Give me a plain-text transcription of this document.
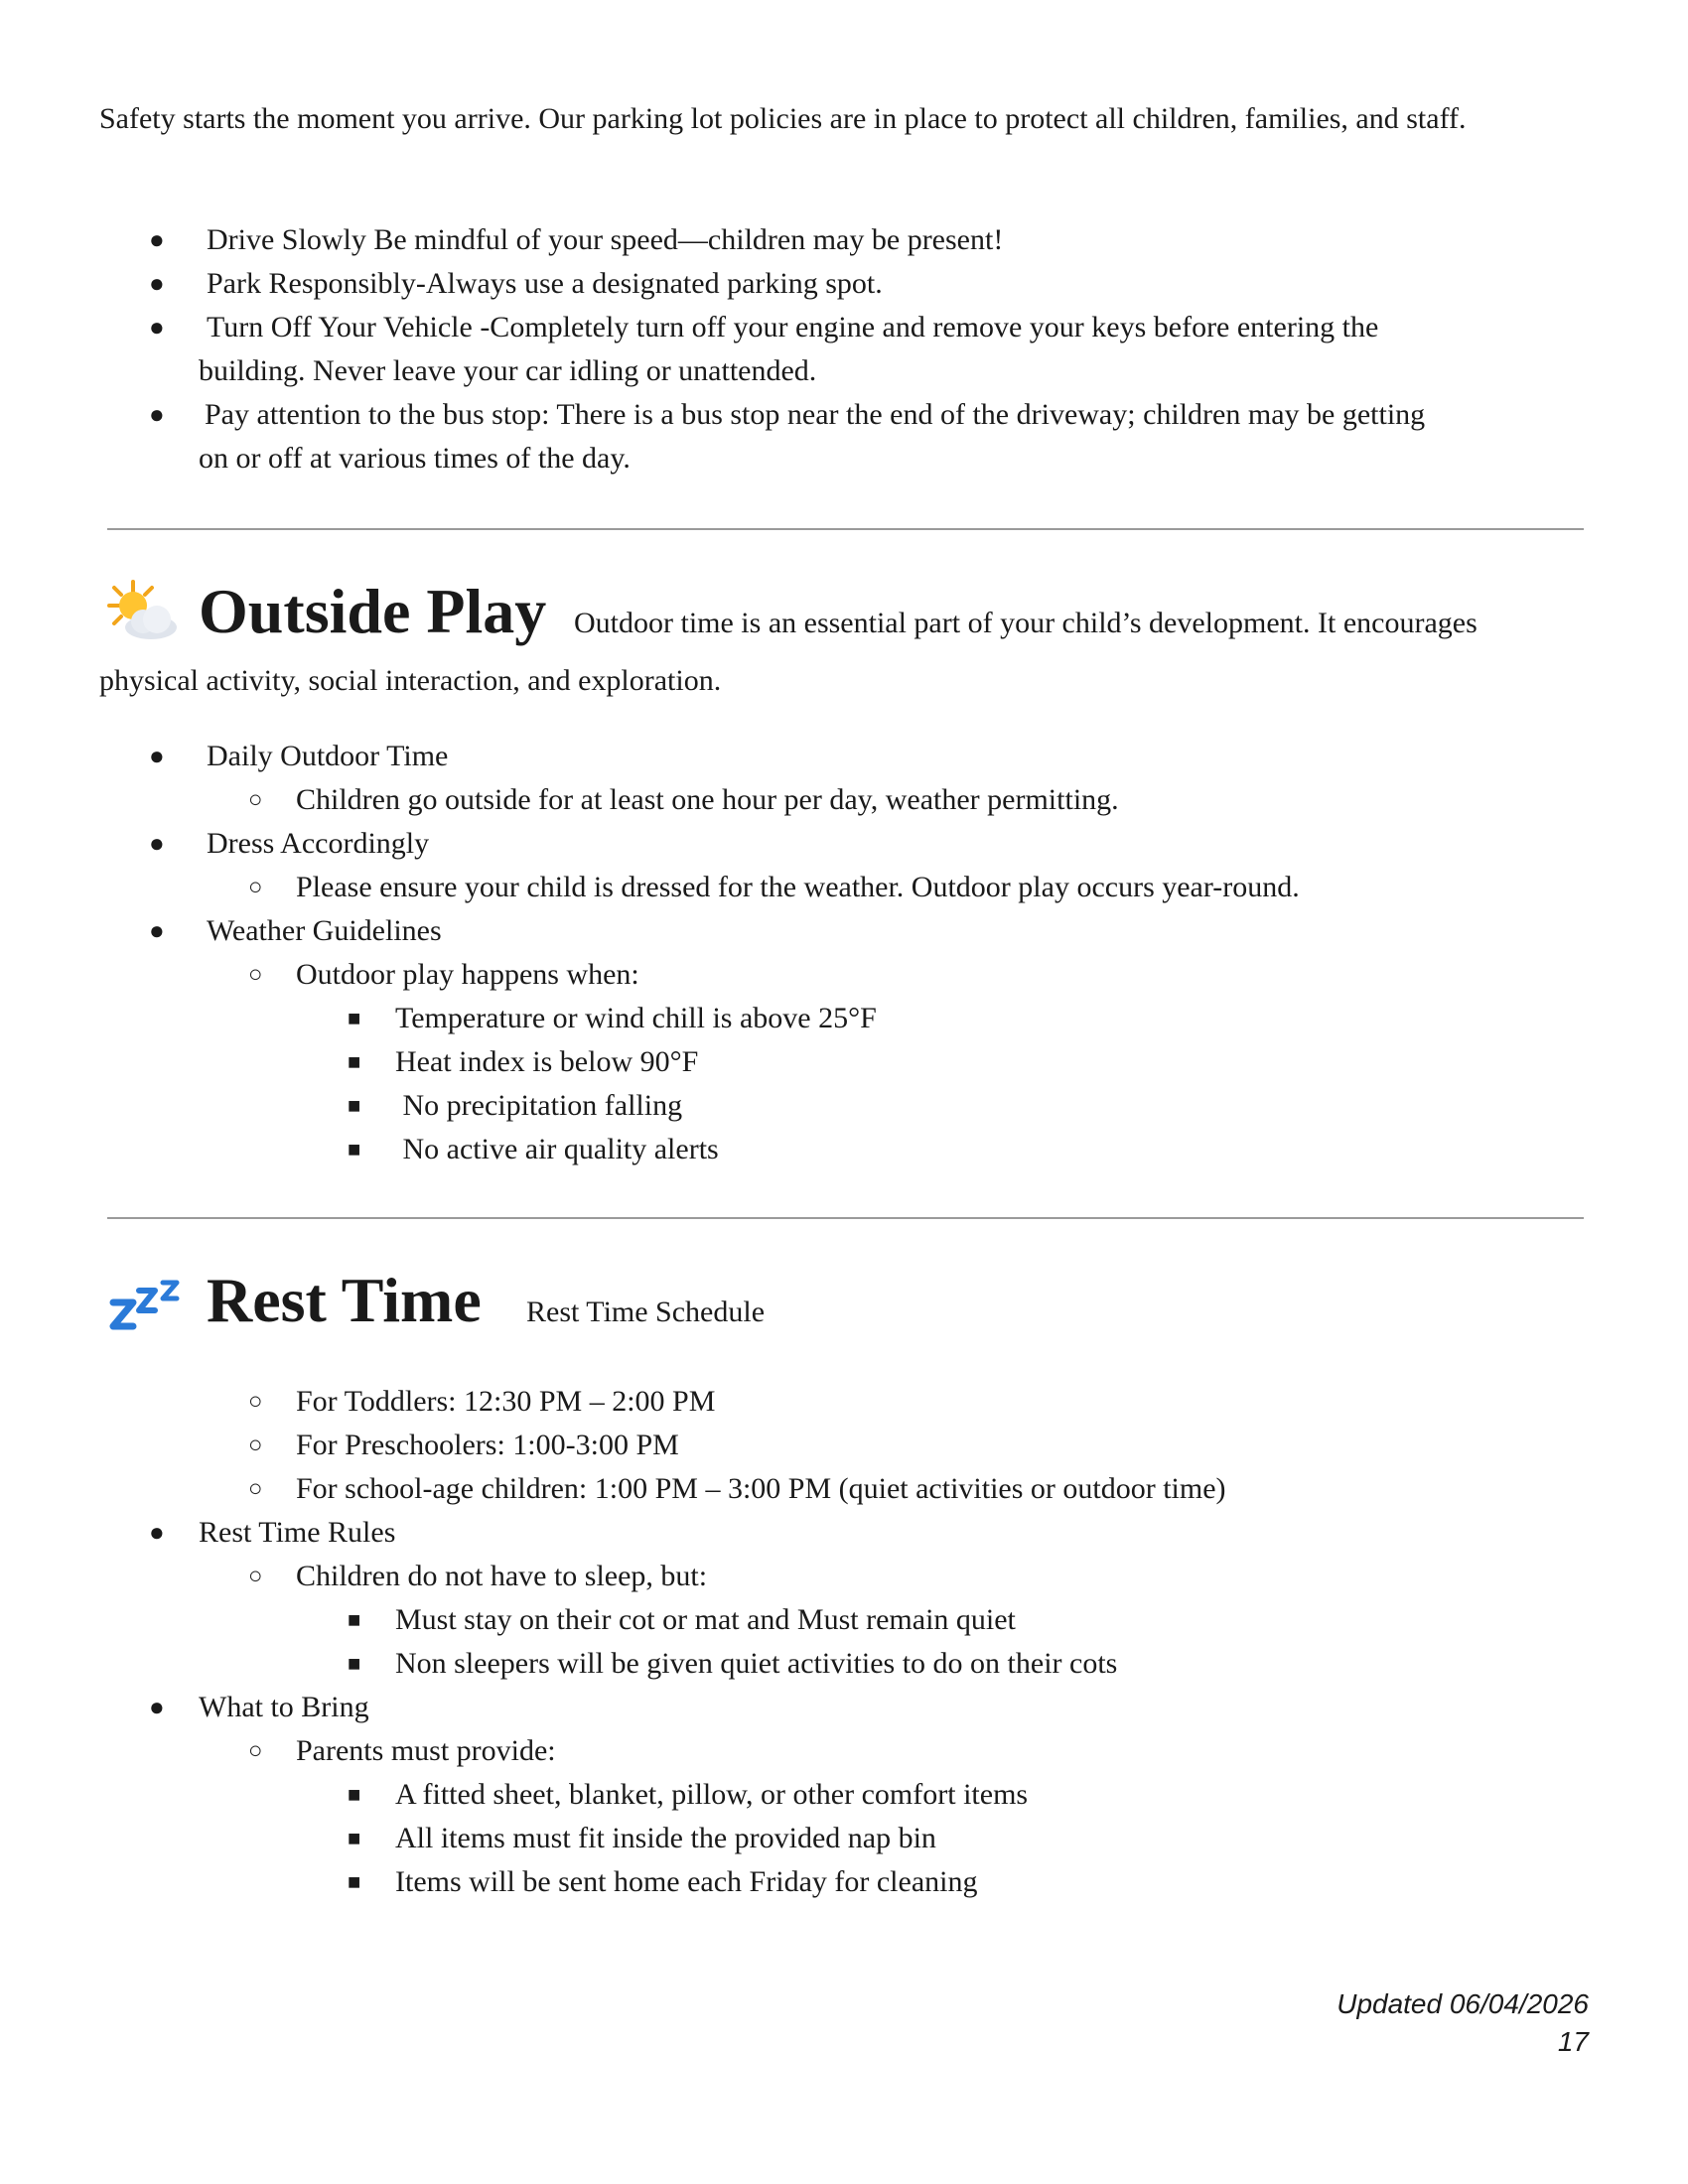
Safety starts the moment you arrive. Our parking lot policies are in place to protect all children, families, and staff.

● Drive Slowly Be mindful of your speed—children may be present!
● Park Responsibly-Always use a designated parking spot.
● Turn Off Your Vehicle -Completely turn off your engine and remove your keys before entering the
building. Never leave your car idling or unattended.
● Pay attention to the bus stop: There is a bus stop near the end of the driveway; children may be getting
on or off at various times of the day.
Outside Play Outdoor time is an essential part of your child’s development. It encourages
physical activity, social interaction, and exploration.
● Daily Outdoor Time
○ Children go outside for at least one hour per day, weather permitting.
● Dress Accordingly
○ Please ensure your child is dressed for the weather. Outdoor play occurs year-round.
● Weather Guidelines
○ Outdoor play happens when:
■ Temperature or wind chill is above 25°F
■ Heat index is below 90°F
■ No precipitation falling
■ No active air quality alerts
Rest Time Rest Time Schedule
○ For Toddlers: 12:30 PM – 2:00 PM
○ For Preschoolers: 1:00-3:00 PM
○ For school-age children: 1:00 PM – 3:00 PM (quiet activities or outdoor time)
● Rest Time Rules
○ Children do not have to sleep, but:
■ Must stay on their cot or mat and Must remain quiet
■ Non sleepers will be given quiet activities to do on their cots
● What to Bring
○ Parents must provide:
■ A fitted sheet, blanket, pillow, or other comfort items
■ All items must fit inside the provided nap bin
■ Items will be sent home each Friday for cleaning
Updated 06/04/2026
17
